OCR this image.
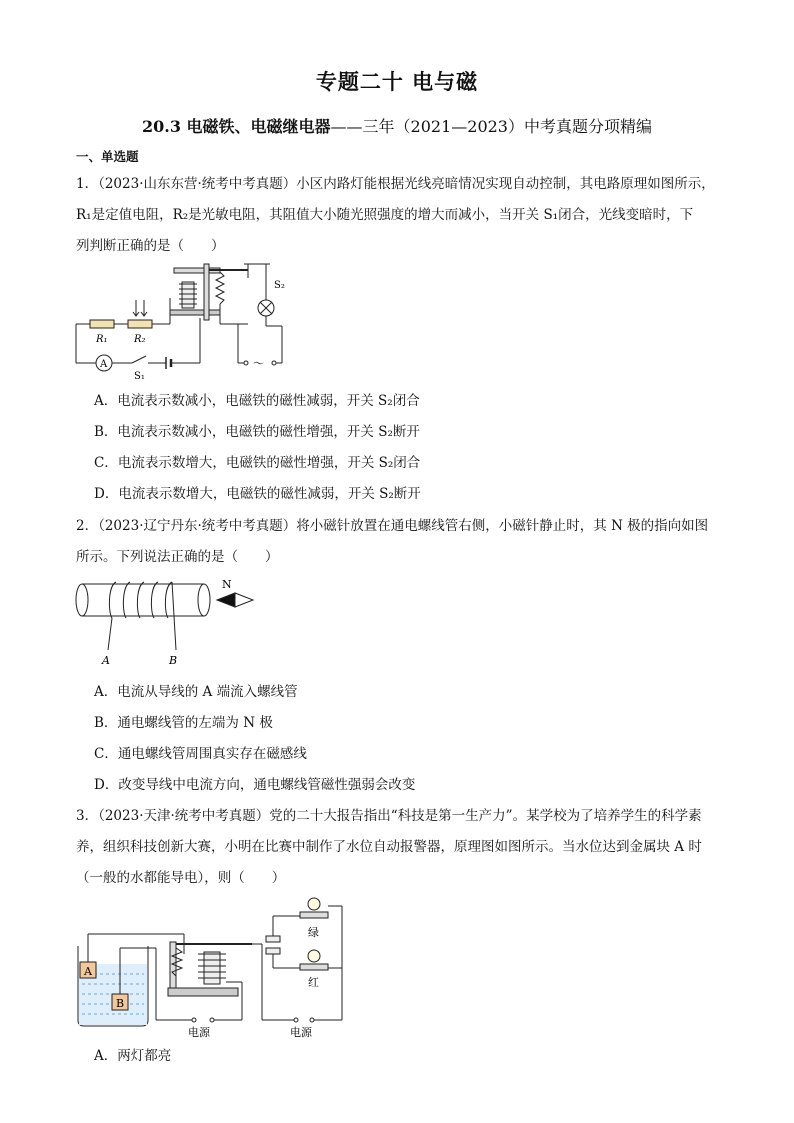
专题二十 电与磁
20.3 电磁铁、电磁继电器——三年（2021—2023）中考真题分项精编
一、单选题
1．（2023·山东东营·统考中考真题）小区内路灯能根据光线亮暗情况实现自动控制，其电路原理如图所示，
R₁是定值电阻，R₂是光敏电阻，其阻值大小随光照强度的增大而减小，当开关 S₁闭合，光线变暗时，下
列判断正确的是（　　）
R₁	R₂
A
S₁
S₂
～
A．电流表示数减小，电磁铁的磁性减弱，开关 S₂闭合
B．电流表示数减小，电磁铁的磁性增强，开关 S₂断开
C．电流表示数增大，电磁铁的磁性增强，开关 S₂闭合
D．电流表示数增大，电磁铁的磁性减弱，开关 S₂断开
2．（2023·辽宁丹东·统考中考真题）将小磁针放置在通电螺线管右侧，小磁针静止时，其 N 极的指向如图
所示。下列说法正确的是（　　）
N
A	B
A．电流从导线的 A 端流入螺线管
B．通电螺线管的左端为 N 极
C．通电螺线管周围真实存在磁感线
D．改变导线中电流方向，通电螺线管磁性强弱会改变
3．（2023·天津·统考中考真题）党的二十大报告指出“科技是第一生产力”。某学校为了培养学生的科学素
养，组织科技创新大赛，小明在比赛中制作了水位自动报警器，原理图如图所示。当水位达到金属块 A 时
（一般的水都能导电），则（　　）
A
B
绿
红
电源	电源
A．两灯都亮
